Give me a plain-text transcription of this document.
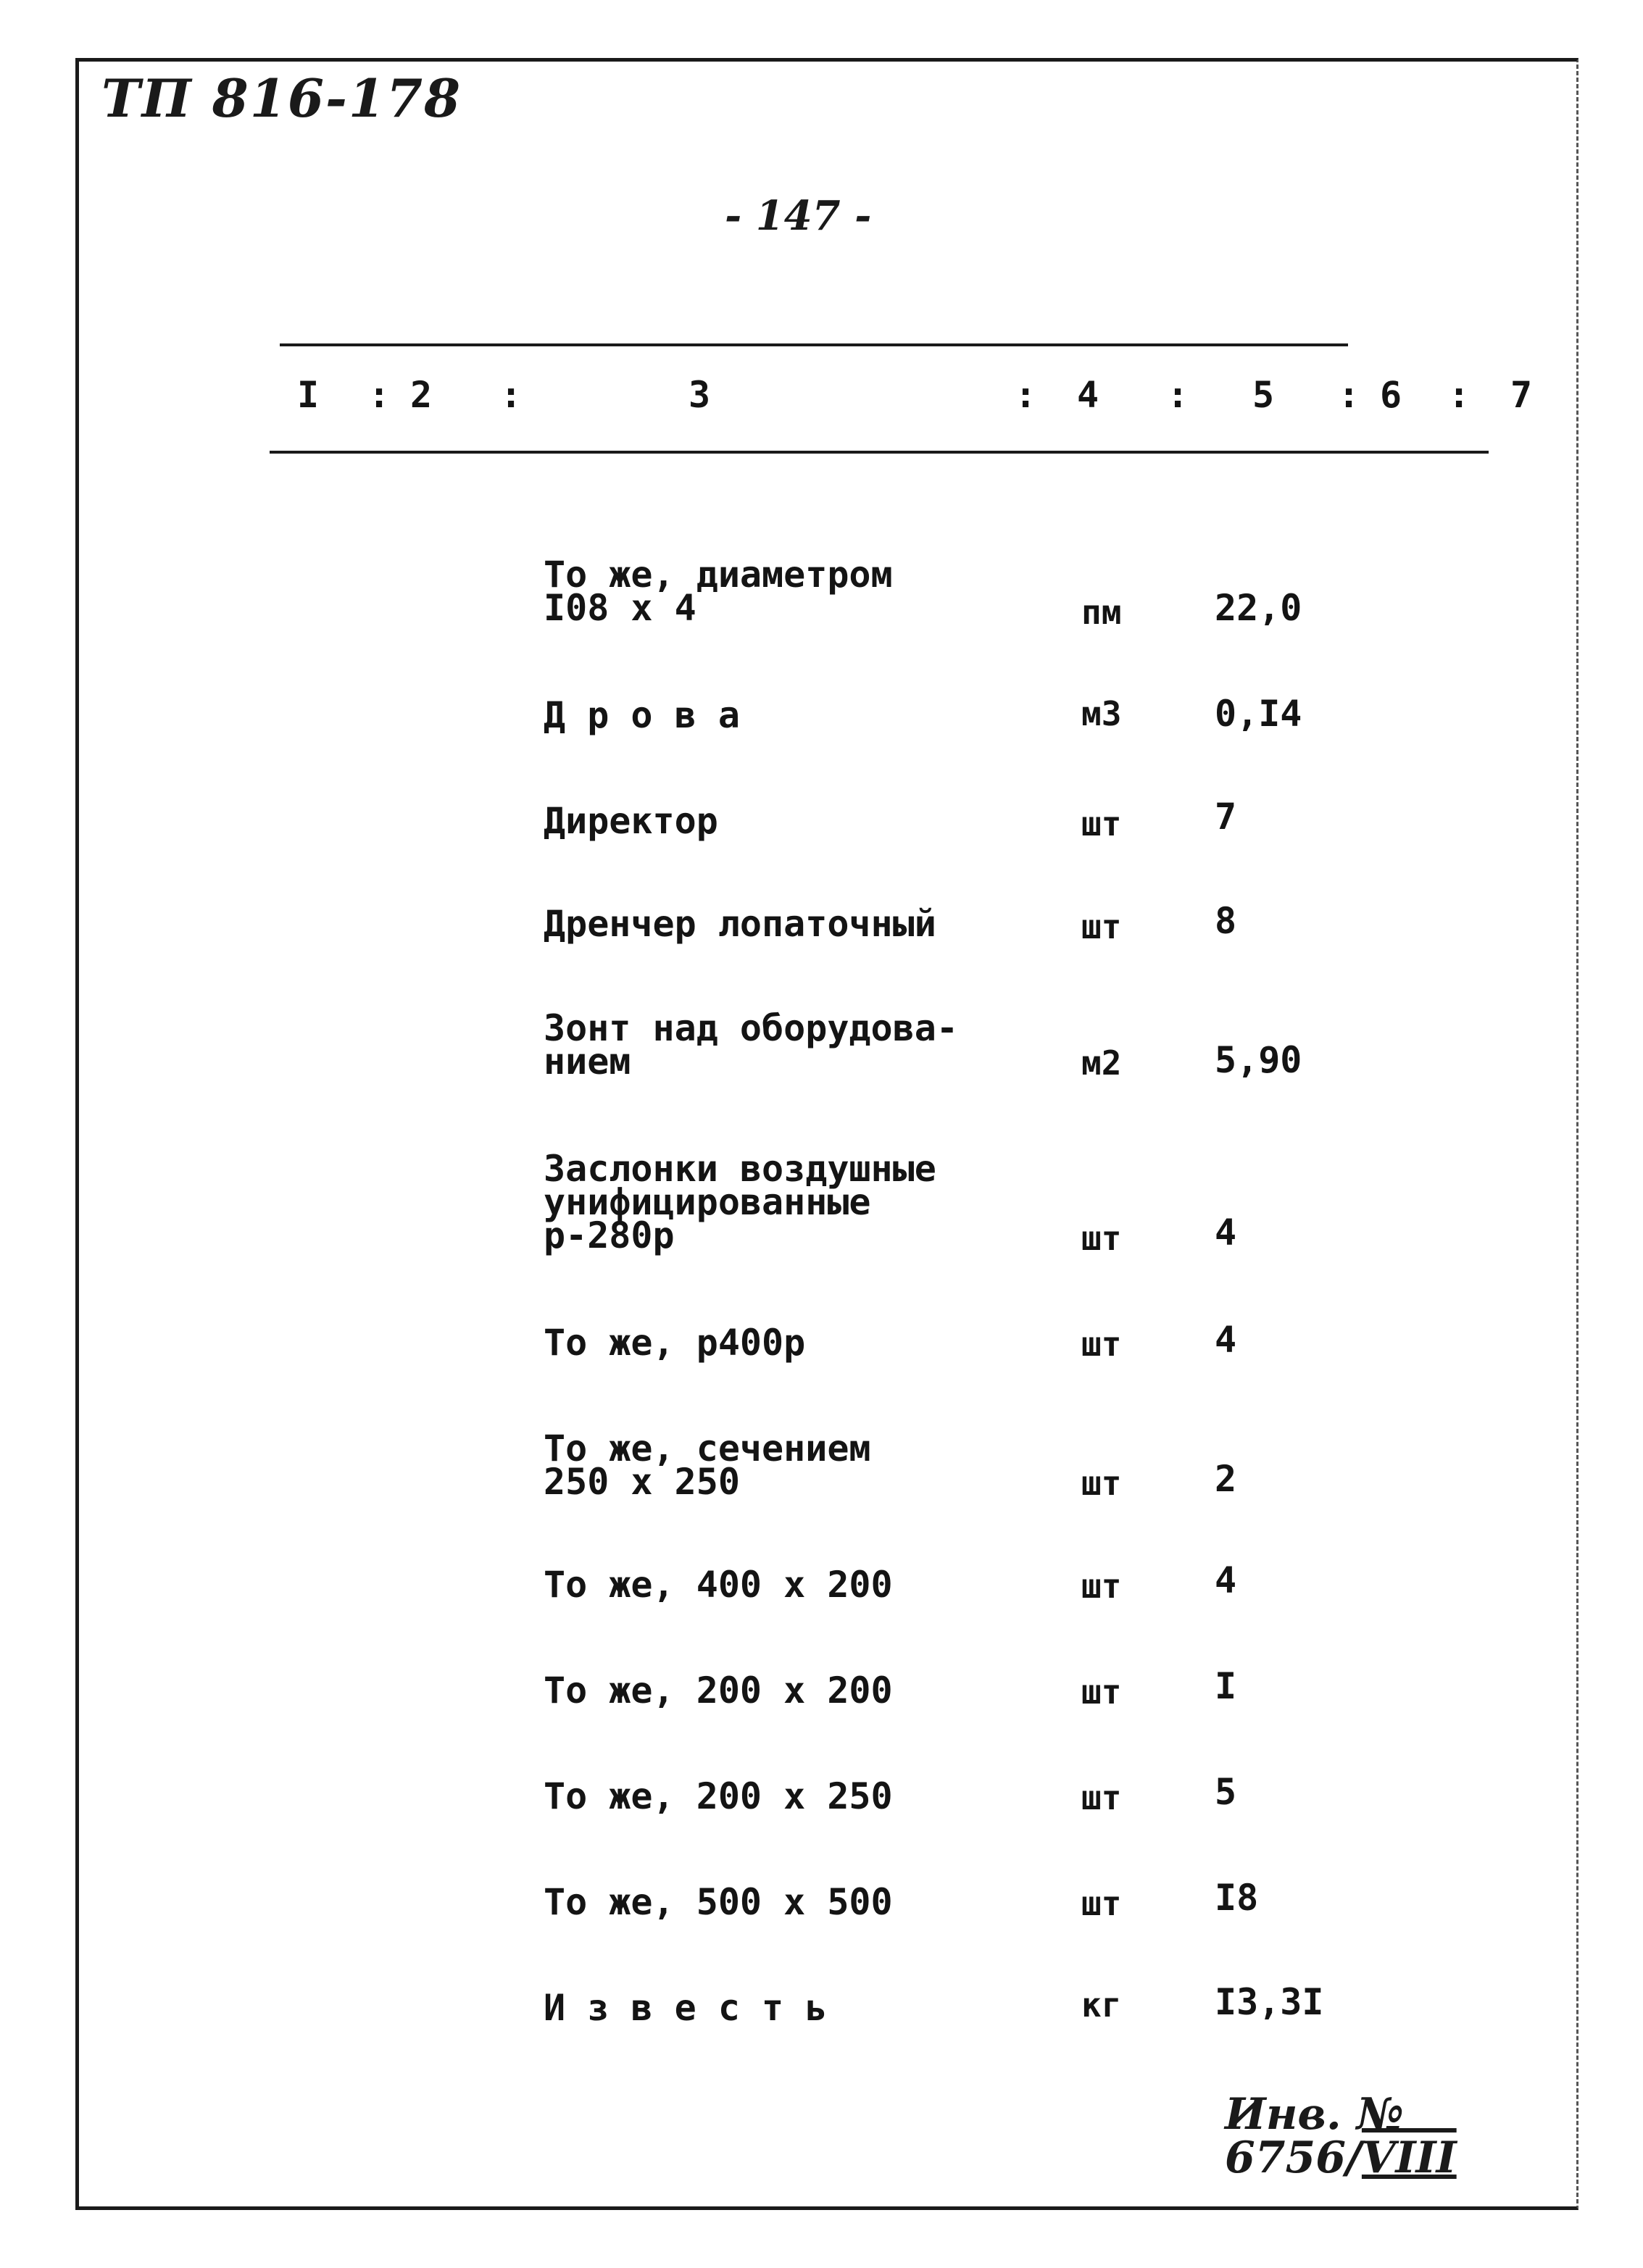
ТП 816-178
- 147 -
I : 2 :	3	: 4 : 5 : 6 : 7
То же, диаметром
I08 x 4	пм	22,0
Д р о в а	м3	0,I4
Директор	шт	7
Дренчер лопаточный	шт	8
Зонт над оборудова-
нием	м2	5,90
Заслонки воздушные
унифицированные
р-280р	шт	4
То же, р400р	шт	4
То же, сечением
250 x 250	шт	2
То же, 400 x 200	шт	4
То же, 200 x 200	шт	I
То же, 200 x 250	шт	5
То же, 500 x 500	шт	I8
И з в е с т ь	кг	I3,3I
Инв. № 6756/VIII
